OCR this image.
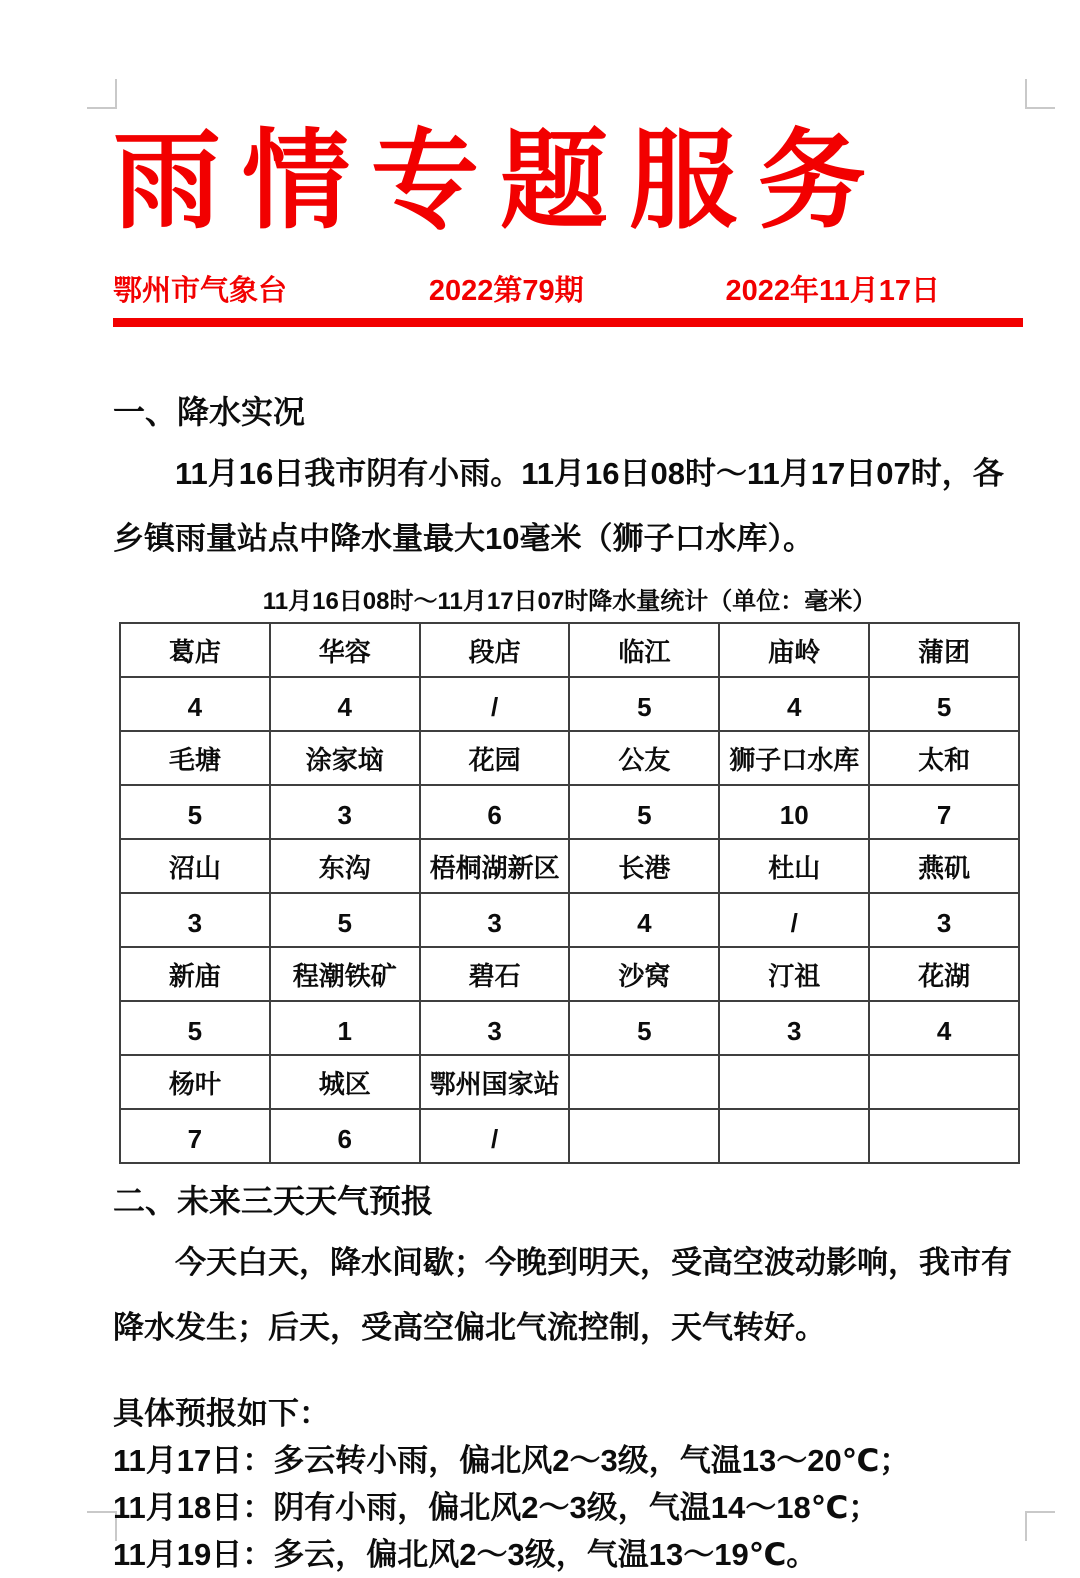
雨情专题服务
鄂州市气象台	2022第79期	2022年11月17日
一、降水实况

11月16日我市阴有小雨。11月16日08时～11月17日07时，各乡镇雨量站点中降水量最大10毫米（狮子口水库）。

11月16日08时～11月17日07时降水量统计（单位：毫米）
葛店	华容	段店	临江	庙岭	蒲团
4	4	/	5	4	5
毛塘	涂家垴	花园	公友	狮子口水库	太和
5	3	6	5	10	7
沼山	东沟	梧桐湖新区	长港	杜山	燕矶
3	5	3	4	/	3
新庙	程潮铁矿	碧石	沙窝	汀祖	花湖
5	1	3	5	3	4
杨叶	城区	鄂州国家站			
7	6	/			
二、未来三天天气预报

今天白天，降水间歇；今晚到明天，受高空波动影响，我市有降水发生；后天，受高空偏北气流控制，天气转好。

具体预报如下：

11月17日：多云转小雨，偏北风2～3级，气温13～20℃；

11月18日：阴有小雨，偏北风2～3级，气温14～18℃；

11月19日：多云，偏北风2～3级，气温13～19℃。
